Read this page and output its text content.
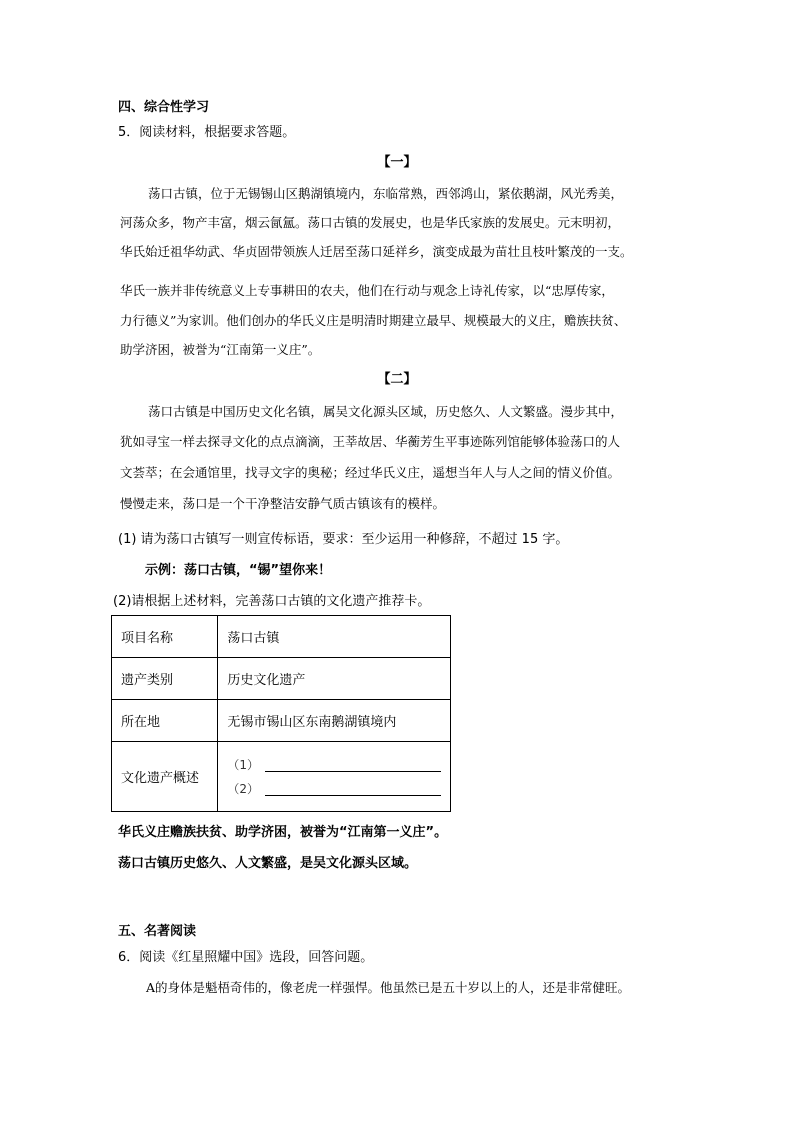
四、综合性学习
5．阅读材料，根据要求答题。
【一】
荡口古镇，位于无锡锡山区鹅湖镇境内，东临常熟，西邻鸿山，紧依鹅湖，风光秀美，
河荡众多，物产丰富，烟云氤氲。荡口古镇的发展史，也是华氏家族的发展史。元末明初，
华氏始迁祖华幼武、华贞固带领族人迁居至荡口延祥乡，演变成最为苗壮且枝叶繁茂的一支。
华氏一族并非传统意义上专事耕田的农夫，他们在行动与观念上诗礼传家，以“忠厚传家，
力行德义”为家训。他们创办的华氏义庄是明清时期建立最早、规模最大的义庄，赡族扶贫、
助学济困，被誉为“江南第一义庄”。
【二】
荡口古镇是中国历史文化名镇，属吴文化源头区域，历史悠久、人文繁盛。漫步其中，
犹如寻宝一样去探寻文化的点点滴滴，王莘故居、华蘅芳生平事迹陈列馆能够体验荡口的人
文荟萃；在会通馆里，找寻文字的奥秘；经过华氏义庄，遥想当年人与人之间的情义价值。
慢慢走来，荡口是一个干净整洁安静气质古镇该有的模样。
(1) 请为荡口古镇写一则宣传标语，要求：至少运用一种修辞，不超过 15 字。
示例：荡口古镇，“锡”望你来！
(2)请根据上述材料，完善荡口古镇的文化遗产推荐卡。
项目名称	荡口古镇
遗产类别	历史文化遗产
所在地	无锡市锡山区东南鹅湖镇境内
文化遗产概述	（1）
（2）
华氏义庄赡族扶贫、助学济困，被誉为“江南第一义庄”。
荡口古镇历史悠久、人文繁盛，是吴文化源头区域。
五、名著阅读
6．阅读《红星照耀中国》选段，回答问题。
A的身体是魁梧奇伟的，像老虎一样强悍。他虽然已是五十岁以上的人，还是非常健旺。
